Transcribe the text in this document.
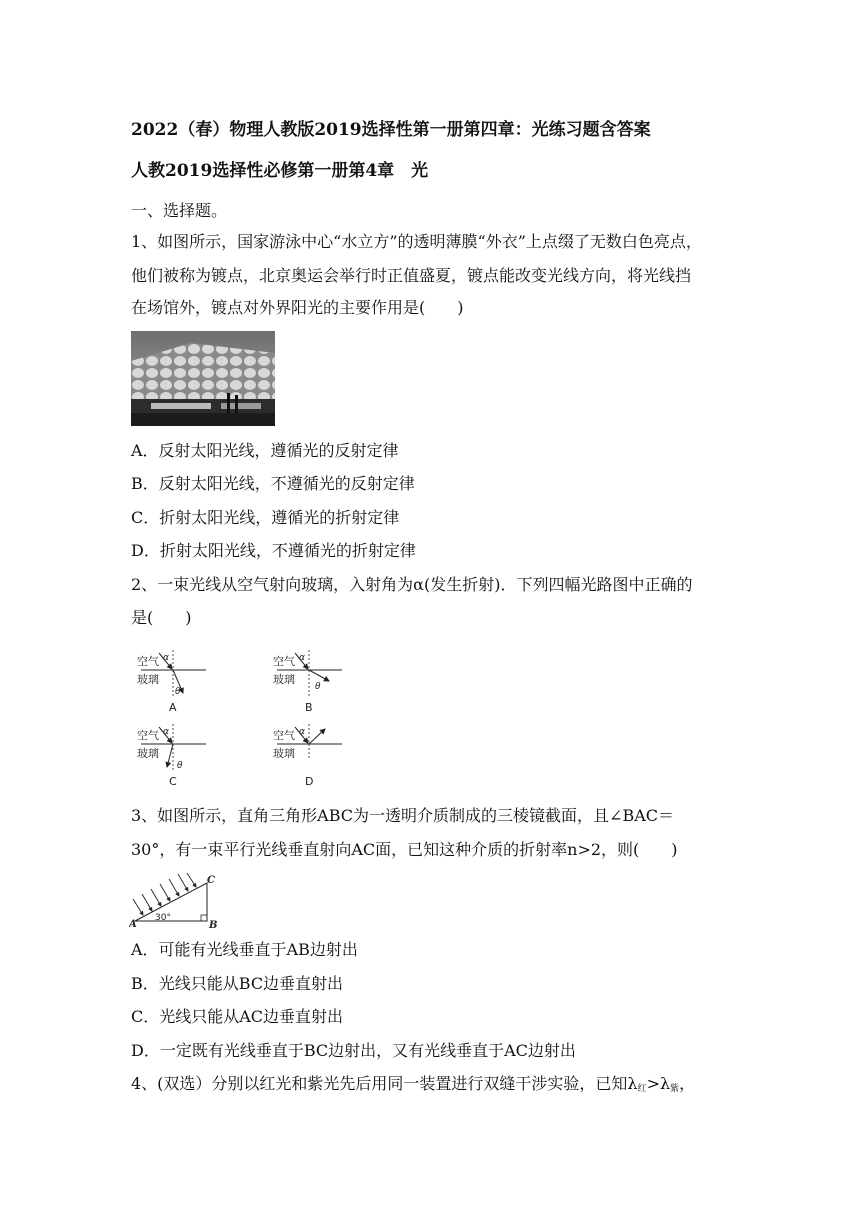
2022（春）物理人教版2019选择性第一册第四章：光练习题含答案
人教2019选择性必修第一册第4章　光
一、选择题。
1、如图所示，国家游泳中心“水立方”的透明薄膜“外衣”上点缀了无数白色亮点，
他们被称为镀点，北京奥运会举行时正值盛夏，镀点能改变光线方向，将光线挡
在场馆外，镀点对外界阳光的主要作用是(　　)
A．反射太阳光线，遵循光的反射定律
B．反射太阳光线，不遵循光的反射定律
C．折射太阳光线，遵循光的折射定律
D．折射太阳光线，不遵循光的折射定律
2、一束光线从空气射向玻璃，入射角为α(发生折射)．下列四幅光路图中正确的
是(　　)
空气
玻璃
α
θ
A
空气
玻璃
α
θ
B
空气
玻璃
α
θ
C
空气
玻璃
α
D
3、如图所示，直角三角形ABC为一透明介质制成的三棱镜截面，且∠BAC＝
30°，有一束平行光线垂直射向AC面，已知这种介质的折射率n>2，则(　　)
A	B
C
30°
A．可能有光线垂直于AB边射出
B．光线只能从BC边垂直射出
C．光线只能从AC边垂直射出
D．一定既有光线垂直于BC边射出，又有光线垂直于AC边射出
4、(双选）分别以红光和紫光先后用同一装置进行双缝干涉实验，已知$\lambda_红>\lambda_紫$，
